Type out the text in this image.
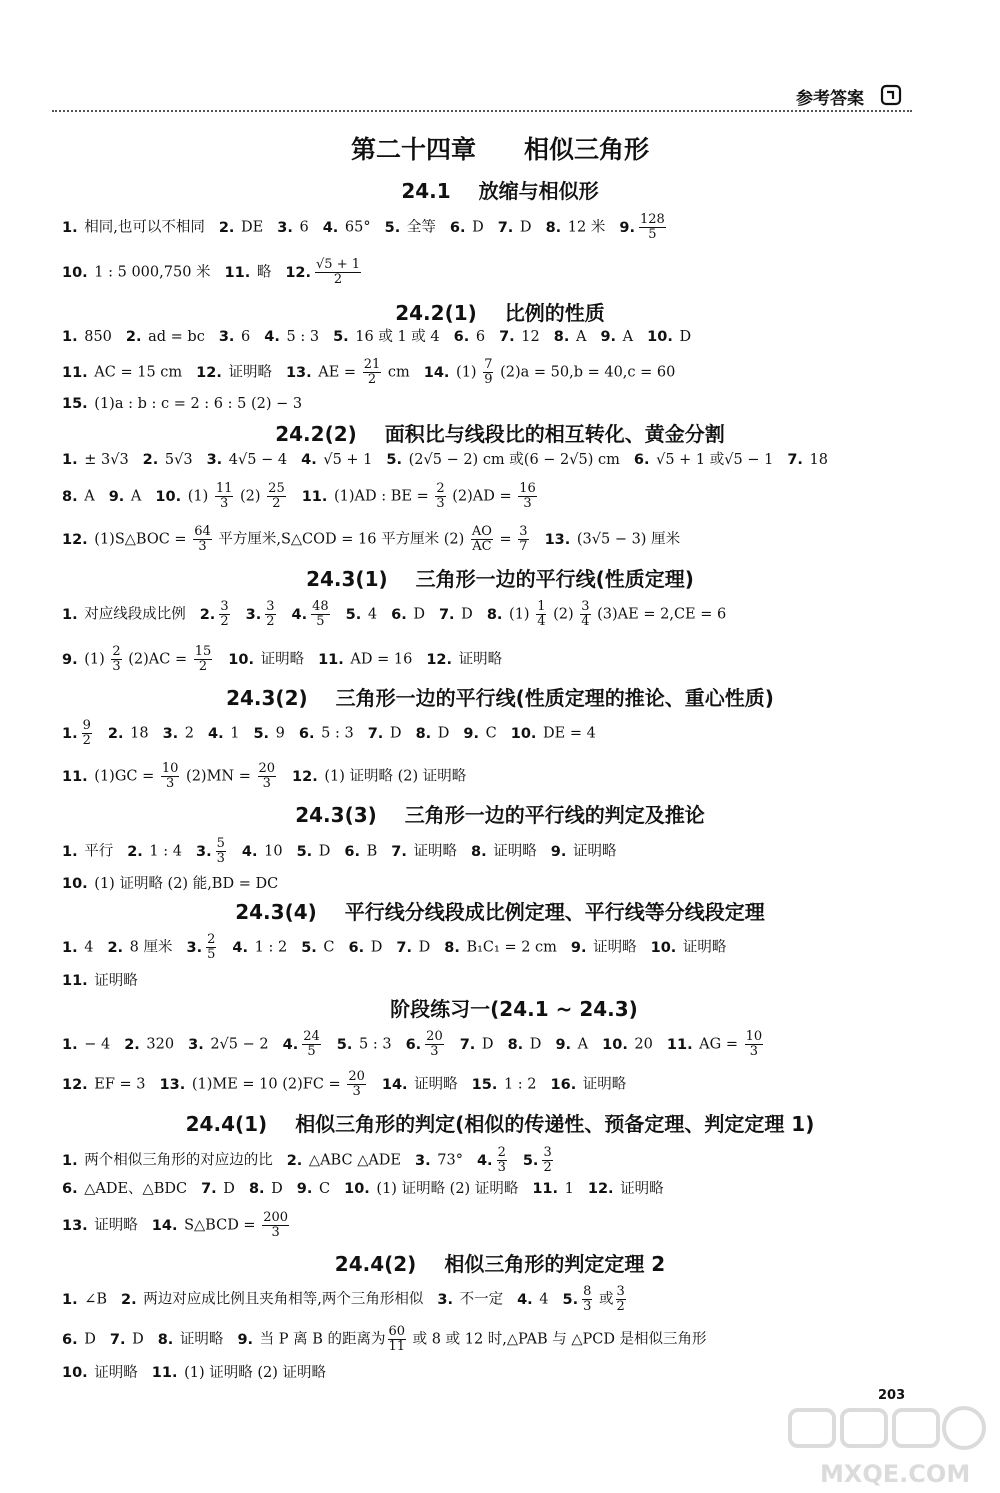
参考答案
第二十四章 相似三角形
24.1 放缩与相似形
1. 相同,也可以不相同 2. DE 3. 6 4. 65° 5. 全等 6. D 7. D 8. 12 米 9. $\frac{128}{5}$
10. 1 : 5 000,750 米 11. 略 12. $\frac{√5 + 1}{2}$
24.2(1) 比例的性质
1. 850 2. ad = bc 3. 6 4. 5 : 3 5. 16 或 1 或 4 6. 6 7. 12 8. A 9. A 10. D
11. AC = 15 cm 12. 证明略 13. AE = $\frac{21}{2}$ cm 14. $(1) \frac{7}{9} (2)a = 50,b = 40,c = 60$
15. (1)a : b : c = 2 : 6 : 5 (2) − 3
24.2(2) 面积比与线段比的相互转化、黄金分割
1. ± 3√3 2. 5√3 3. 4√5 − 4 4. √5 + 1 5. (2√5 − 2) cm 或(6 − 2√5) cm 6. √5 + 1 或√5 − 1 7. 18
8. A 9. A 10. $(1) \frac{11}{3} (2) \frac{25}{2} 11$. (1)AD : BE = $\frac{2}{3} (2)AD = \frac{16}{3}$
12. (1)S△BOC = $\frac{64}{3}$ 平方厘米,S△COD = 16 平方厘米 $(2) \frac{AO}{AC} = \frac{3}{7} 13$. (3√5 − 3) 厘米
24.3(1) 三角形一边的平行线(性质定理)
1. 对应线段成比例 2. $\frac{3}{2} 3$. $\frac{3}{2} 4$. $\frac{48}{5} 5$. 4 6. D 7. D 8. $(1) \frac{1}{4} (2) \frac{3}{4} (3)AE = 2,CE = 6$
9. $(1) \frac{2}{3} (2)AC = \frac{15}{2} 10$. 证明略 11. AD = 16 12. 证明略
24.3(2) 三角形一边的平行线(性质定理的推论、重心性质)
1. $\frac{9}{2} 2$. 18 3. 2 4. 1 5. 9 6. 5 : 3 7. D 8. D 9. C 10. DE = 4
11. $(1)GC = \frac{10}{3} (2)MN = \frac{20}{3} 12$. (1) 证明略 (2) 证明略
24.3(3) 三角形一边的平行线的判定及推论
1. 平行 2. 1 : 4 3. $\frac{5}{3} 4$. 10 5. D 6. B 7. 证明略 8. 证明略 9. 证明略
10. (1) 证明略 (2) 能,BD = DC
24.3(4) 平行线分线段成比例定理、平行线等分线段定理
1. 4 2. 8 厘米 3. $\frac{2}{5} 4$. 1 : 2 5. C 6. D 7. D 8. B₁C₁ = 2 cm 9. 证明略 10. 证明略
11. 证明略
阶段练习一(24.1 ~ 24.3)
1. − 4 2. 320 3. 2√5 − 2 4. $\frac{24}{5} 5$. 5 : 3 6. $\frac{20}{3} 7$. D 8. D 9. A 10. 20 11. AG = $\frac{10}{3}$
12. EF = 3 13. (1)ME = 10 $(2)FC = \frac{20}{3} 14$. 证明略 15. 1 : 2 16. 证明略
24.4(1) 相似三角形的判定(相似的传递性、预备定理、判定定理 1)
1. 两个相似三角形的对应边的比 2. △ABC △ADE 3. 73° 4. $\frac{2}{3} 5$. $\frac{3}{2}$
6. △ADE、△BDC 7. D 8. D 9. C 10. (1) 证明略 (2) 证明略 11. 1 12. 证明略
13. 证明略 14. S△BCD = $\frac{200}{3}$
24.4(2) 相似三角形的判定定理 2
1. ∠B 2. 两边对应成比例且夹角相等,两个三角形相似 3. 不一定 4. 4 5. $\frac{8}{3}$ 或 $\frac{3}{2}$
6. D 7. D 8. 证明略 9. 当 P 离 B 的距离为 $\frac{60}{11}$ 或 8 或 12 时,△PAB 与 △PCD 是相似三角形
10. 证明略 11. (1) 证明略 (2) 证明略
203
MXQE.COM
